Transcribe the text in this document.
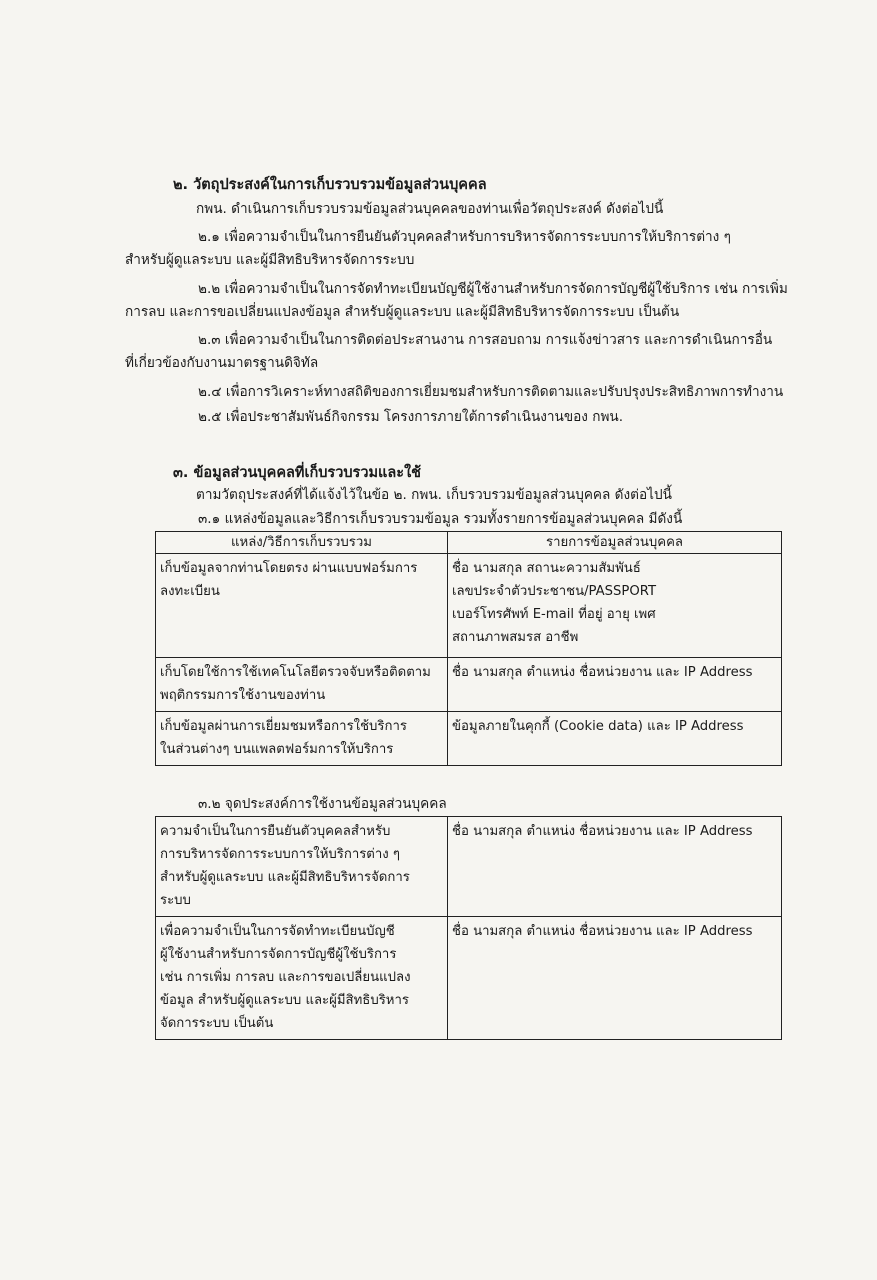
๒. วัตถุประสงค์ในการเก็บรวบรวมข้อมูลส่วนบุคคล
กพน. ดำเนินการเก็บรวบรวมข้อมูลส่วนบุคคลของท่านเพื่อวัตถุประสงค์ ดังต่อไปนี้
๒.๑ เพื่อความจำเป็นในการยืนยันตัวบุคคลสำหรับการบริหารจัดการระบบการให้บริการต่าง ๆ
สำหรับผู้ดูแลระบบ และผู้มีสิทธิบริหารจัดการระบบ
๒.๒ เพื่อความจำเป็นในการจัดทำทะเบียนบัญชีผู้ใช้งานสำหรับการจัดการบัญชีผู้ใช้บริการ เช่น การเพิ่ม
การลบ และการขอเปลี่ยนแปลงข้อมูล สำหรับผู้ดูแลระบบ และผู้มีสิทธิบริหารจัดการระบบ เป็นต้น
๒.๓ เพื่อความจำเป็นในการติดต่อประสานงาน การสอบถาม การแจ้งข่าวสาร และการดำเนินการอื่น
ที่เกี่ยวข้องกับงานมาตรฐานดิจิทัล
๒.๔ เพื่อการวิเคราะห์ทางสถิติของการเยี่ยมชมสำหรับการติดตามและปรับปรุงประสิทธิภาพการทำงาน
๒.๕ เพื่อประชาสัมพันธ์กิจกรรม โครงการภายใต้การดำเนินงานของ กพน.
๓. ข้อมูลส่วนบุคคลที่เก็บรวบรวมและใช้
ตามวัตถุประสงค์ที่ได้แจ้งไว้ในข้อ ๒. กพน. เก็บรวบรวมข้อมูลส่วนบุคคล ดังต่อไปนี้
๓.๑ แหล่งข้อมูลและวิธีการเก็บรวบรวมข้อมูล รวมทั้งรายการข้อมูลส่วนบุคคล มีดังนี้
แหล่ง/วิธีการเก็บรวบรวม	รายการข้อมูลส่วนบุคคล

เก็บข้อมูลจากท่านโดยตรง ผ่านแบบฟอร์มการ
ลงทะเบียน	ชื่อ นามสกุล สถานะความสัมพันธ์
เลขประจำตัวประชาชน/PASSPORT
เบอร์โทรศัพท์ E-mail ที่อยู่ อายุ เพศ
สถานภาพสมรส อาชีพ

เก็บโดยใช้การใช้เทคโนโลยีตรวจจับหรือติดตาม
พฤติกรรมการใช้งานของท่าน	ชื่อ นามสกุล ตำแหน่ง ชื่อหน่วยงาน และ IP Address

เก็บข้อมูลผ่านการเยี่ยมชมหรือการใช้บริการ
ในส่วนต่างๆ บนแพลตฟอร์มการให้บริการ	ข้อมูลภายในคุกกี้ (Cookie data) และ IP Address
๓.๒ จุดประสงค์การใช้งานข้อมูลส่วนบุคคล
ความจำเป็นในการยืนยันตัวบุคคลสำหรับ
การบริหารจัดการระบบการให้บริการต่าง ๆ
สำหรับผู้ดูแลระบบ และผู้มีสิทธิบริหารจัดการ
ระบบ	ชื่อ นามสกุล ตำแหน่ง ชื่อหน่วยงาน และ IP Address

เพื่อความจำเป็นในการจัดทำทะเบียนบัญชี
ผู้ใช้งานสำหรับการจัดการบัญชีผู้ใช้บริการ
เช่น การเพิ่ม การลบ และการขอเปลี่ยนแปลง
ข้อมูล สำหรับผู้ดูแลระบบ และผู้มีสิทธิบริหาร
จัดการระบบ เป็นต้น	ชื่อ นามสกุล ตำแหน่ง ชื่อหน่วยงาน และ IP Address
